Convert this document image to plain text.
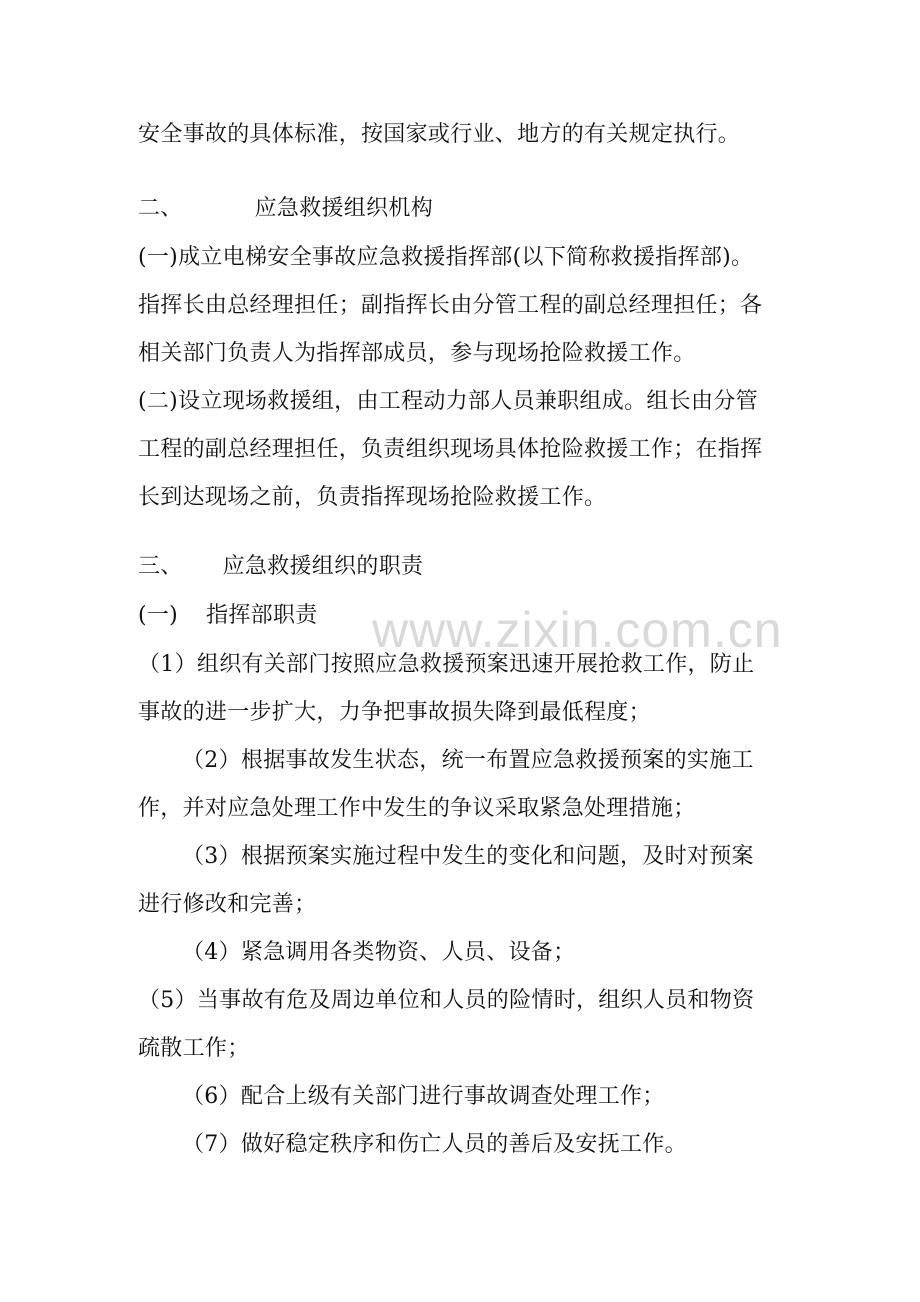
www.zixin.com.cn
安全事故的具体标准，按国家或行业、地方的有关规定执行。
二、	应急救援组织机构
(一)成立电梯安全事故应急救援指挥部(以下简称救援指挥部)。
指挥长由总经理担任；副指挥长由分管工程的副总经理担任；各
相关部门负责人为指挥部成员，参与现场抢险救援工作。
(二)设立现场救援组，由工程动力部人员兼职组成。组长由分管
工程的副总经理担任，负责组织现场具体抢险救援工作；在指挥
长到达现场之前，负责指挥现场抢险救援工作。
三、 应急救援组织的职责
(一) 指挥部职责
（1）组织有关部门按照应急救援预案迅速开展抢救工作，防止
事故的进一步扩大，力争把事故损失降到最低程度；
（2）根据事故发生状态，统一布置应急救援预案的实施工
作，并对应急处理工作中发生的争议采取紧急处理措施；
（3）根据预案实施过程中发生的变化和问题，及时对预案
进行修改和完善；
（4）紧急调用各类物资、人员、设备；
（5）当事故有危及周边单位和人员的险情时，组织人员和物资
疏散工作；
（6）配合上级有关部门进行事故调查处理工作；
（7）做好稳定秩序和伤亡人员的善后及安抚工作。
